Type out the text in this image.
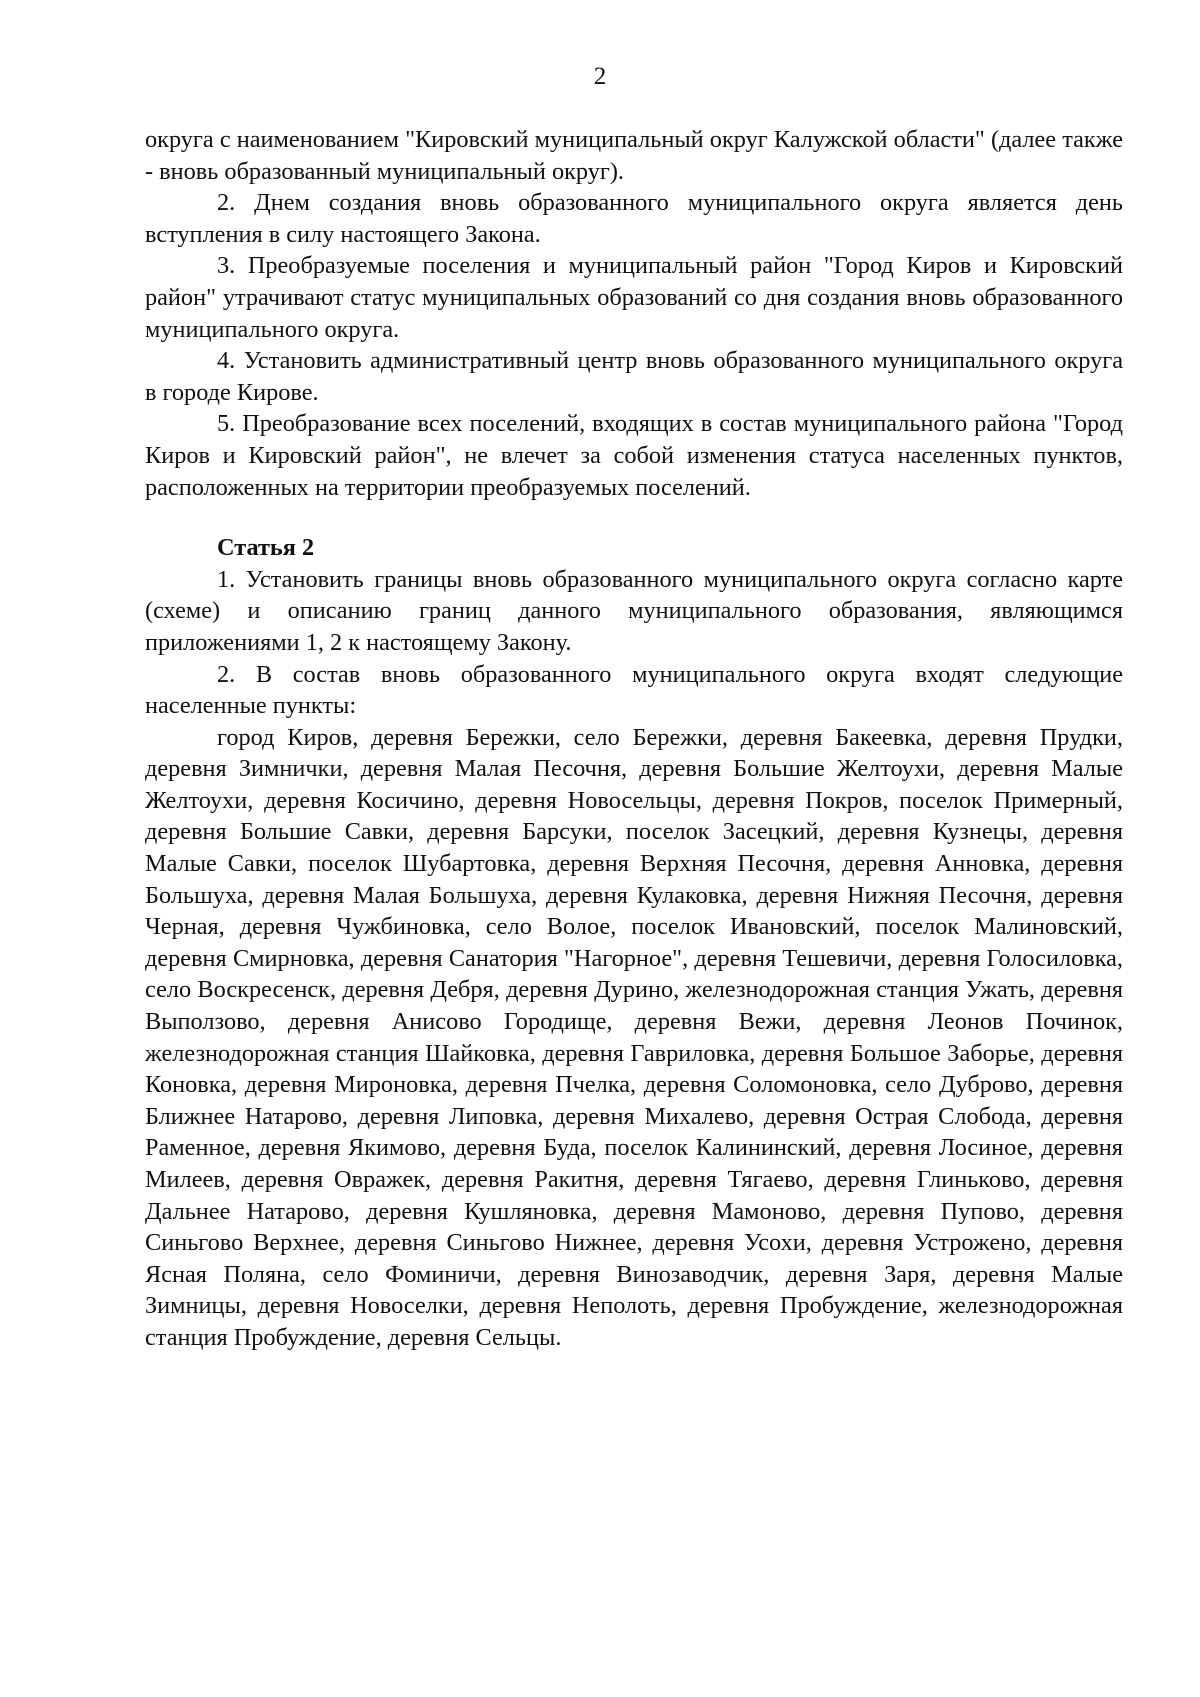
2

округа с наименованием "Кировский муниципальный округ Калужской области" (далее также - вновь образованный муниципальный округ).

2. Днем создания вновь образованного муниципального округа является день вступления в силу настоящего Закона.

3. Преобразуемые поселения и муниципальный район "Город Киров и Кировский район" утрачивают статус муниципальных образований со дня создания вновь образованного муниципального округа.

4. Установить административный центр вновь образованного муниципального округа в городе Кирове.

5. Преобразование всех поселений, входящих в состав муниципального района "Город Киров и Кировский район", не влечет за собой изменения статуса населенных пунктов, расположенных на территории преобразуемых поселений.

Статья 2

1. Установить границы вновь образованного муниципального округа согласно карте (схеме) и описанию границ данного муниципального образования, являющимся приложениями 1, 2 к настоящему Закону.

2. В состав вновь образованного муниципального округа входят следующие населенные пункты:

город Киров, деревня Бережки, село Бережки, деревня Бакеевка, деревня Прудки, деревня Зимнички, деревня Малая Песочня, деревня Большие Желтоухи, деревня Малые Желтоухи, деревня Косичино, деревня Новосельцы, деревня Покров, поселок Примерный, деревня Большие Савки, деревня Барсуки, поселок Засецкий, деревня Кузнецы, деревня Малые Савки, поселок Шубартовка, деревня Верхняя Песочня, деревня Анновка, деревня Большуха, деревня Малая Большуха, деревня Кулаковка, деревня Нижняя Песочня, деревня Черная, деревня Чужбиновка, село Волое, поселок Ивановский, поселок Малиновский, деревня Смирновка, деревня Санатория "Нагорное", деревня Тешевичи, деревня Голосиловка, село Воскресенск, деревня Дебря, деревня Дурино, железнодорожная станция Ужать, деревня Выползово, деревня Анисово Городище, деревня Вежи, деревня Леонов Починок, железнодорожная станция Шайковка, деревня Гавриловка, деревня Большое Заборье, деревня Коновка, деревня Мироновка, деревня Пчелка, деревня Соломоновка, село Дуброво, деревня Ближнее Натарово, деревня Липовка, деревня Михалево, деревня Острая Слобода, деревня Раменное, деревня Якимово, деревня Буда, поселок Калининский, деревня Лосиное, деревня Милеев, деревня Овражек, деревня Ракитня, деревня Тягаево, деревня Глиньково, деревня Дальнее Натарово, деревня Кушляновка, деревня Мамоново, деревня Пупово, деревня Синьгово Верхнее, деревня Синьгово Нижнее, деревня Усохи, деревня Устрожено, деревня Ясная Поляна, село Фоминичи, деревня Винозаводчик, деревня Заря, деревня Малые Зимницы, деревня Новоселки, деревня Неполоть, деревня Пробуждение, железнодорожная станция Пробуждение, деревня Сельцы.
